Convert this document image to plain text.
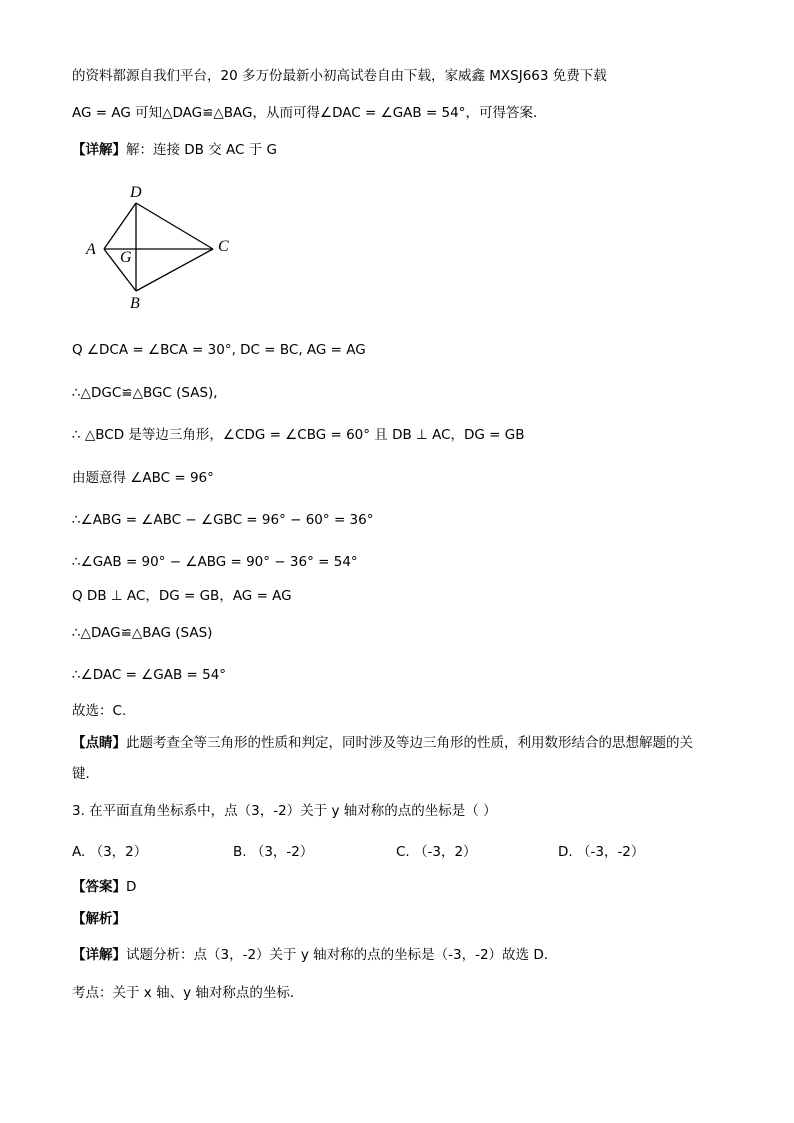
的资料都源自我们平台，20 多万份最新小初高试卷自由下载，家威鑫 MXSJ663 免费下载
AG = AG 可知△DAG≌△BAG，从而可得∠DAC = ∠GAB = 54°，可得答案．
【详解】解：连接 DB 交 AC 于 G
D
A G
C
B
Q ∠DCA = ∠BCA = 30°, DC = BC, AG = AG
∴△DGC≌△BGC (SAS),
∴ △BCD 是等边三角形，∠CDG = ∠CBG = 60° 且 DB ⊥ AC，DG = GB
由题意得 ∠ABC = 96°
∴∠ABG = ∠ABC − ∠GBC = 96° − 60° = 36°
∴∠GAB = 90° − ∠ABG = 90° − 36° = 54°
Q DB ⊥ AC，DG = GB，AG = AG
∴△DAG≌△BAG (SAS)
∴∠DAC = ∠GAB = 54°
故选：C.
【点睛】此题考查全等三角形的性质和判定，同时涉及等边三角形的性质，利用数形结合的思想解题的关
键．
3. 在平面直角坐标系中，点（3，-2）关于 y 轴对称的点的坐标是（ ）
A. （3，2）	B. （3，-2）	C. （-3，2）	D. （-3，-2）
【答案】D
【解析】
【详解】试题分析：点（3，-2）关于 y 轴对称的点的坐标是（-3，-2）故选 D．
考点：关于 x 轴、y 轴对称点的坐标．
